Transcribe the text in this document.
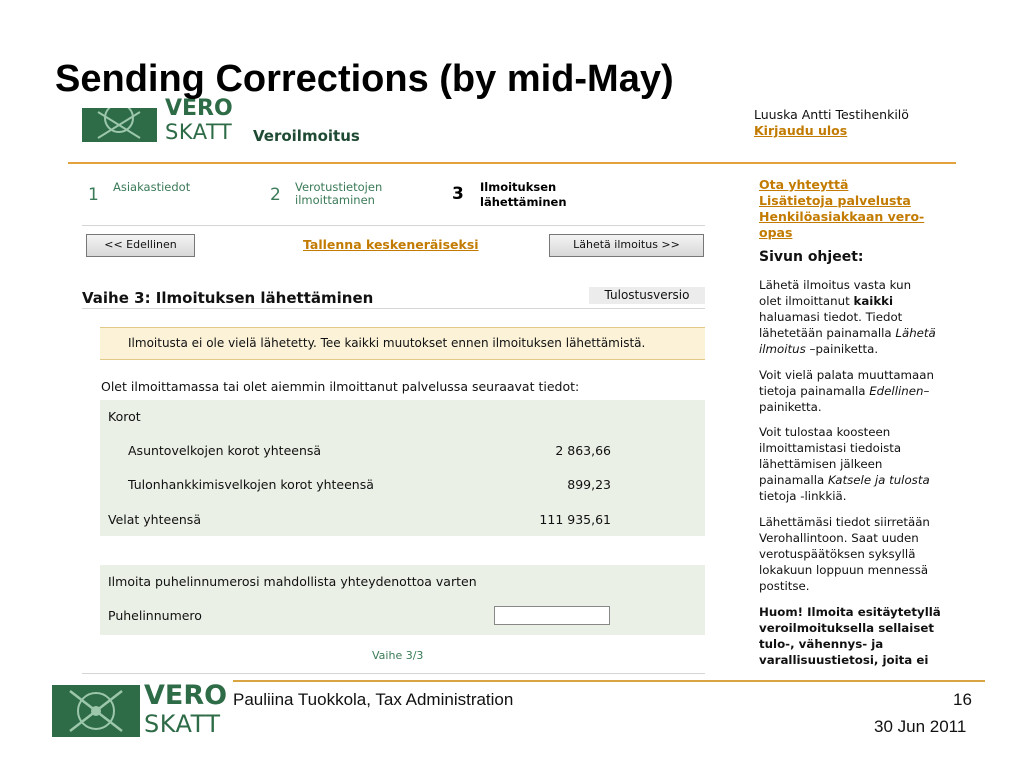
VERO
SKATT Veroilmoitus
Luuska Antti Testihenkilö
Kirjaudu ulos
1 Asiakastiedot	2 Verotustietojen
ilmoittaminen	3 Ilmoituksen
lähettäminen
<< Edellinen	Tallenna keskeneräiseksi	Lähetä ilmoitus >>
Vaihe 3: Ilmoituksen lähettäminen	Tulostusversio
Ilmoitusta ei ole vielä lähetetty. Tee kaikki muutokset ennen ilmoituksen lähettämistä.
Olet ilmoittamassa tai olet aiemmin ilmoittanut palvelussa seuraavat tiedot:
Korot
Asuntovelkojen korot yhteensä	2 863,66
Tulonhankkimisvelkojen korot yhteensä	899,23
Velat yhteensä	111 935,61
Ilmoita puhelinnumerosi mahdollista yhteydenottoa varten
Puhelinnumero
Vaihe 3/3
Ota yhteyttä
Lisätietoja palvelusta
Henkilöasiakkaan vero-
opas
Sivun ohjeet:
Lähetä ilmoitus vasta kun
olet ilmoittanut kaikki
haluamasi tiedot. Tiedot
lähetetään painamalla Lähetä
ilmoitus –painiketta.
Voit vielä palata muuttamaan
tietoja painamalla Edellinen–
painiketta.
Voit tulostaa koosteen
ilmoittamistasi tiedoista
lähettämisen jälkeen
painamalla Katsele ja tulosta
tietoja -linkkiä.
Lähettämäsi tiedot siirretään
Verohallintoon. Saat uuden
verotuspäätöksen syksyllä
lokakuun loppuun mennessä
postitse.
Huom! Ilmoita esitäytetyllä
veroilmoituksella sellaiset
tulo-, vähennys- ja
varallisuustietosi, joita ei
Sending Corrections (by mid-May)
VERO
SKATT
Pauliina Tuokkola, Tax Administration	16
30 Jun 2011
